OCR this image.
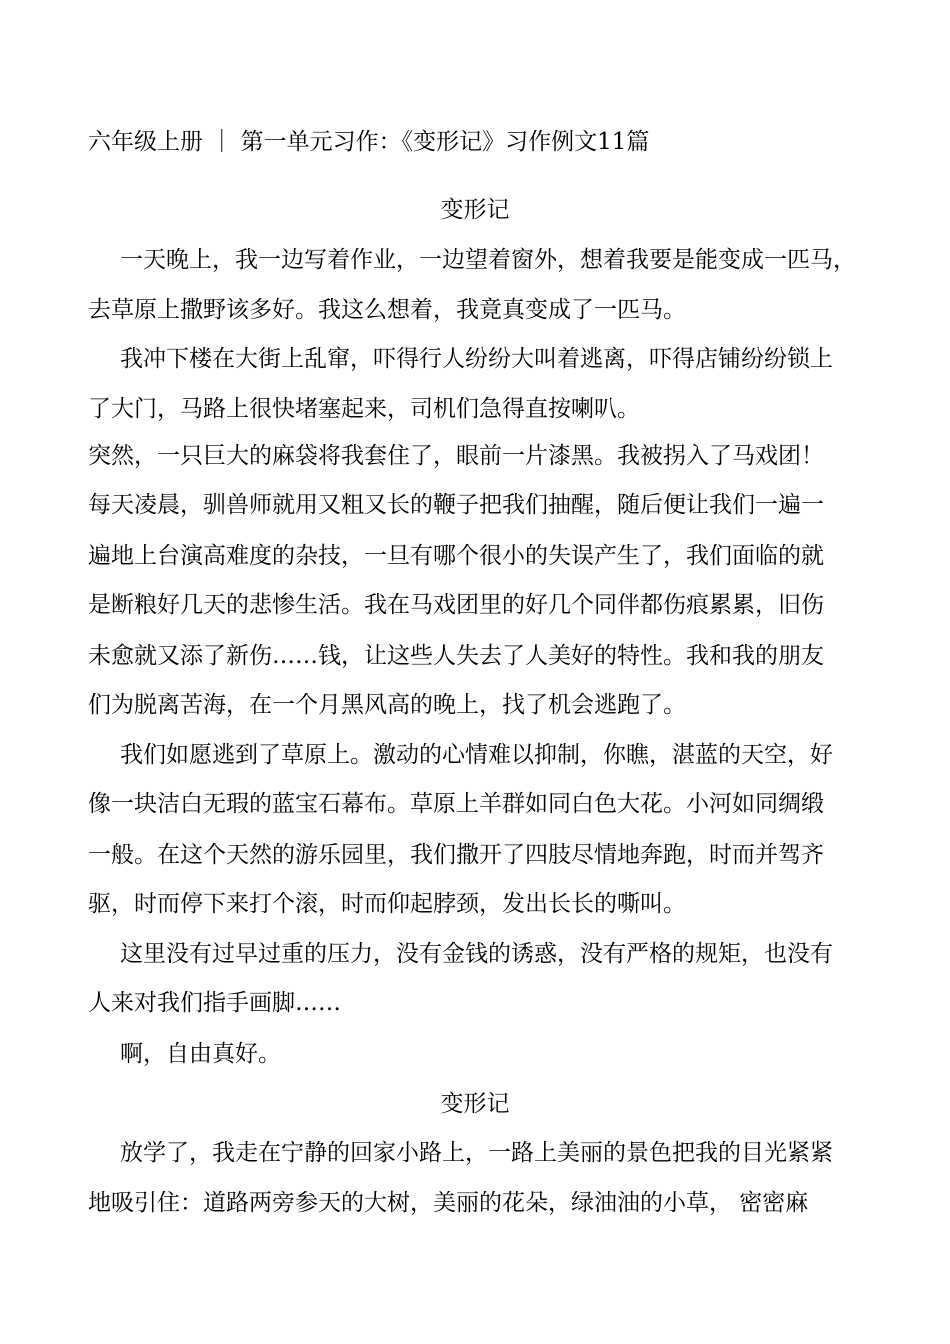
六年级上册 ｜ 第一单元习作：《变形记》习作例文11篇
变形记
一天晚上，我一边写着作业，一边望着窗外，想着我要是能变成一匹马，
去草原上撒野该多好。我这么想着，我竟真变成了一匹马。
我冲下楼在大街上乱窜，吓得行人纷纷大叫着逃离，吓得店铺纷纷锁上
了大门，马路上很快堵塞起来，司机们急得直按喇叭。
突然，一只巨大的麻袋将我套住了，眼前一片漆黑。我被拐入了马戏团！
每天凌晨，驯兽师就用又粗又长的鞭子把我们抽醒，随后便让我们一遍一
遍地上台演高难度的杂技，一旦有哪个很小的失误产生了，我们面临的就
是断粮好几天的悲惨生活。我在马戏团里的好几个同伴都伤痕累累，旧伤
未愈就又添了新伤……钱，让这些人失去了人美好的特性。我和我的朋友
们为脱离苦海，在一个月黑风高的晚上，找了机会逃跑了。
我们如愿逃到了草原上。激动的心情难以抑制，你瞧，湛蓝的天空，好
像一块洁白无瑕的蓝宝石幕布。草原上羊群如同白色大花。小河如同绸缎
一般。在这个天然的游乐园里，我们撒开了四肢尽情地奔跑，时而并驾齐
驱，时而停下来打个滚，时而仰起脖颈，发出长长的嘶叫。
这里没有过早过重的压力，没有金钱的诱惑，没有严格的规矩，也没有
人来对我们指手画脚……
啊，自由真好。
变形记
放学了，我走在宁静的回家小路上，一路上美丽的景色把我的目光紧紧
地吸引住：道路两旁参天的大树，美丽的花朵，绿油油的小草， 密密麻
